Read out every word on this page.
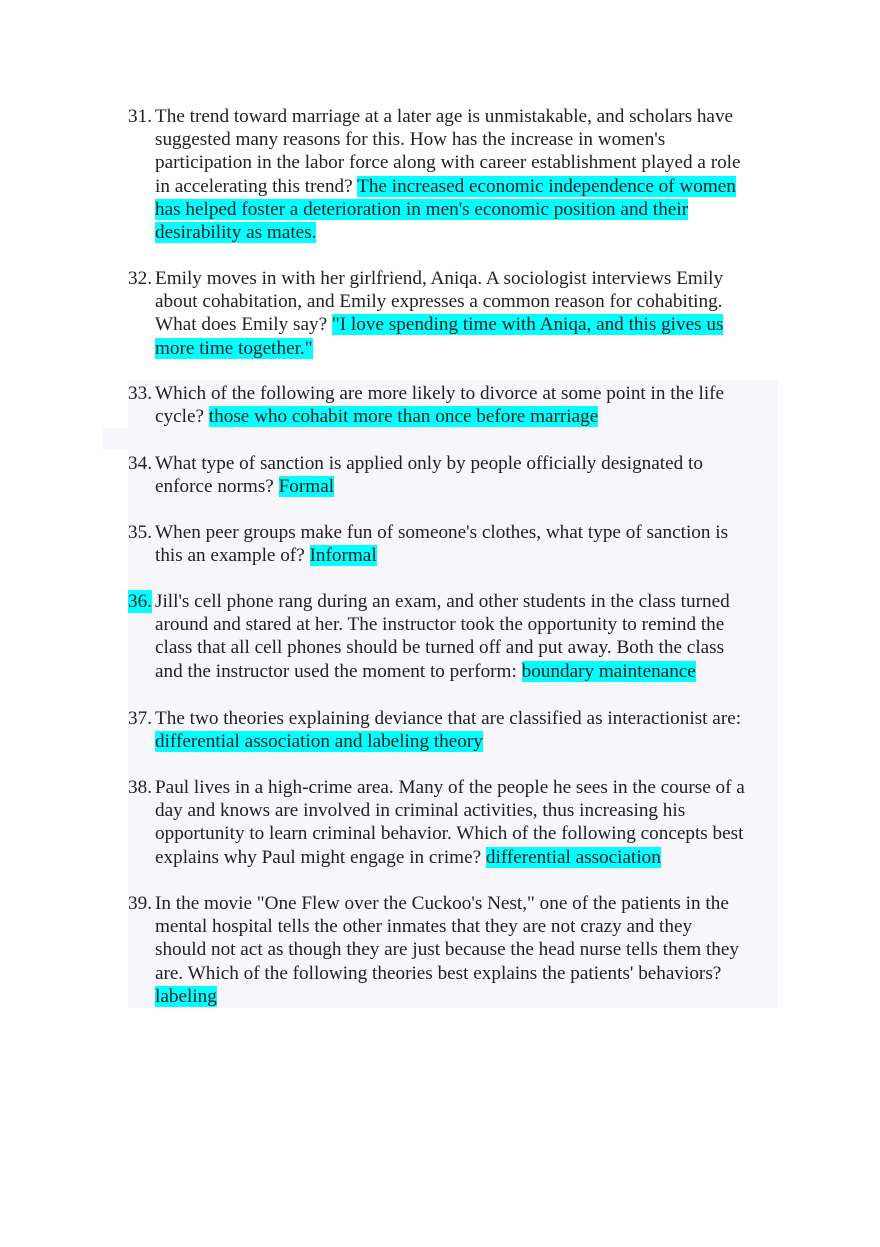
31. The trend toward marriage at a later age is unmistakable, and scholars have
suggested many reasons for this. How has the increase in women's
participation in the labor force along with career establishment played a role
in accelerating this trend? The increased economic independence of women
has helped foster a deterioration in men's economic position and their
desirability as mates.
32. Emily moves in with her girlfriend, Aniqa. A sociologist interviews Emily
about cohabitation, and Emily expresses a common reason for cohabiting.
What does Emily say? "I love spending time with Aniqa, and this gives us
more time together."
33. Which of the following are more likely to divorce at some point in the life
cycle? those who cohabit more than once before marriage
34. What type of sanction is applied only by people officially designated to
enforce norms? Formal
35. When peer groups make fun of someone's clothes, what type of sanction is
this an example of? Informal
36. Jill's cell phone rang during an exam, and other students in the class turned
around and stared at her. The instructor took the opportunity to remind the
class that all cell phones should be turned off and put away. Both the class
and the instructor used the moment to perform: boundary maintenance
37. The two theories explaining deviance that are classified as interactionist are:
differential association and labeling theory
38. Paul lives in a high-crime area. Many of the people he sees in the course of a
day and knows are involved in criminal activities, thus increasing his
opportunity to learn criminal behavior. Which of the following concepts best
explains why Paul might engage in crime? differential association
39. In the movie "One Flew over the Cuckoo's Nest," one of the patients in the
mental hospital tells the other inmates that they are not crazy and they
should not act as though they are just because the head nurse tells them they
are. Which of the following theories best explains the patients' behaviors?
labeling
